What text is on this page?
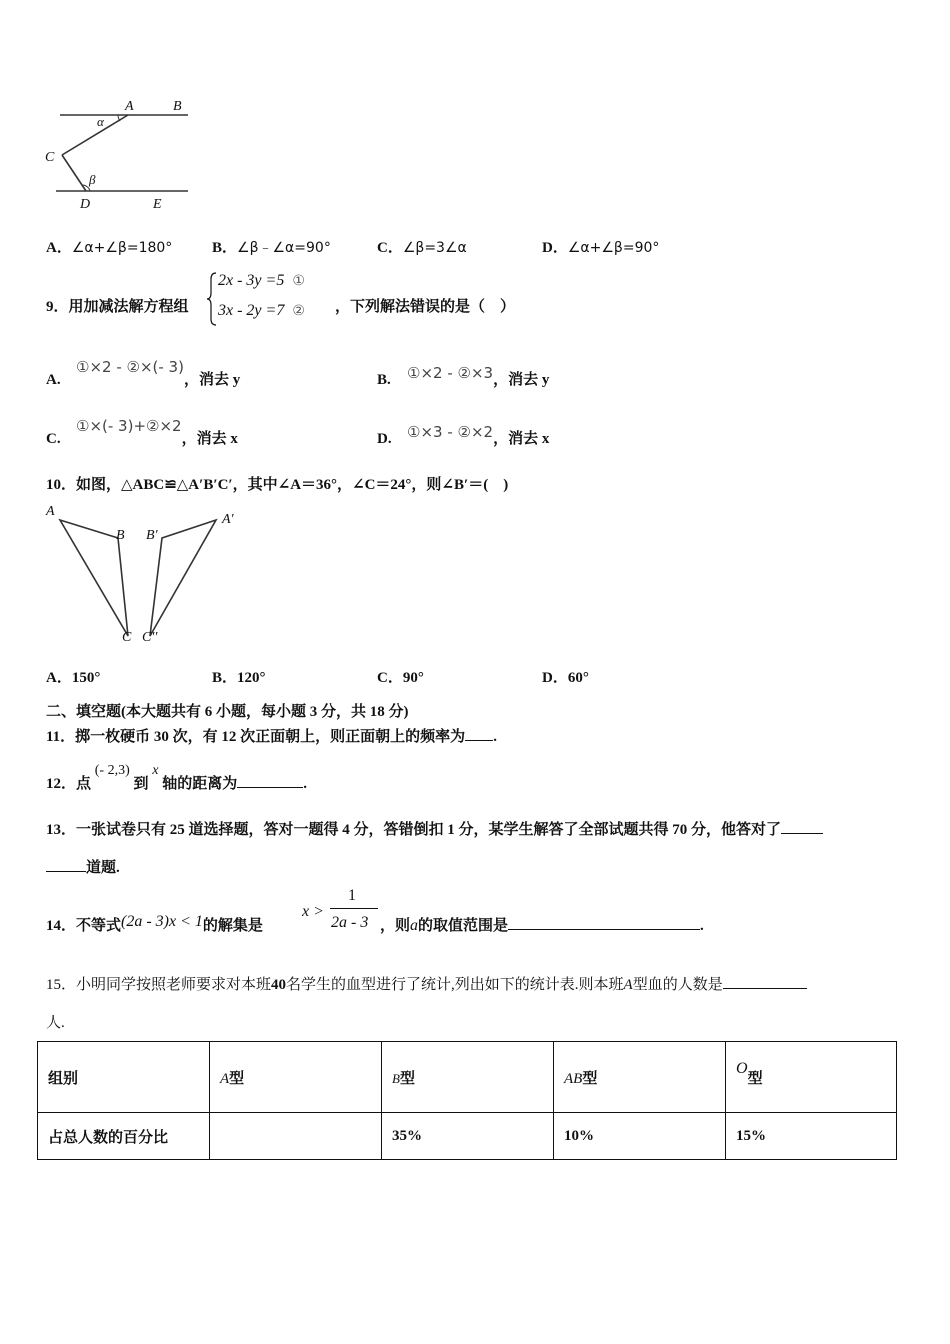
A	B
α
C
β
D	E
A．∠α+∠β=180°	B．∠β﹣∠α=90°	C．∠β=3∠α	D．∠α+∠β=90°
9．用加减法解方程组
2x - 3y =5 ①
3x - 2y =7 ② ，下列解法错误的是（　）
A.①×2 - ②×(- 3)，消去 y	B. ①×2 - ②×3，消去 y
C.①×(- 3)+②×2，消去 x	D. ①×3 - ②×2，消去 x
10．如图，△ABC≌△A′B′C′，其中∠A＝36°，∠C＝24°，则∠B′＝(　)
A
B
C
A′
B′
C′′
A．150°	B．120°	C．90°	D．60°
二、填空题(本大题共有 6 小题，每小题 3 分，共 18 分)
11．掷一枚硬币 30 次，有 12 次正面朝上，则正面朝上的频率为 .
12．点 (- 2,3) 到 x 轴的距离为	.
13．一张试卷只有 25 道选择题，答对一题得 4 分，答错倒扣 1 分，某学生解答了全部试题共得 70 分，他答对了
道题.
14．不等式(2a - 3)x < 1的解集是
x >
1
2a - 3 ，则a的取值范围是	.
15．小明同学按照老师要求对本班40名学生的血型进行了统计,列出如下的统计表.则本班A型血的人数是
人.
组别	A型	B型	AB型	O型
占总人数的百分比		35%	10%	15%
